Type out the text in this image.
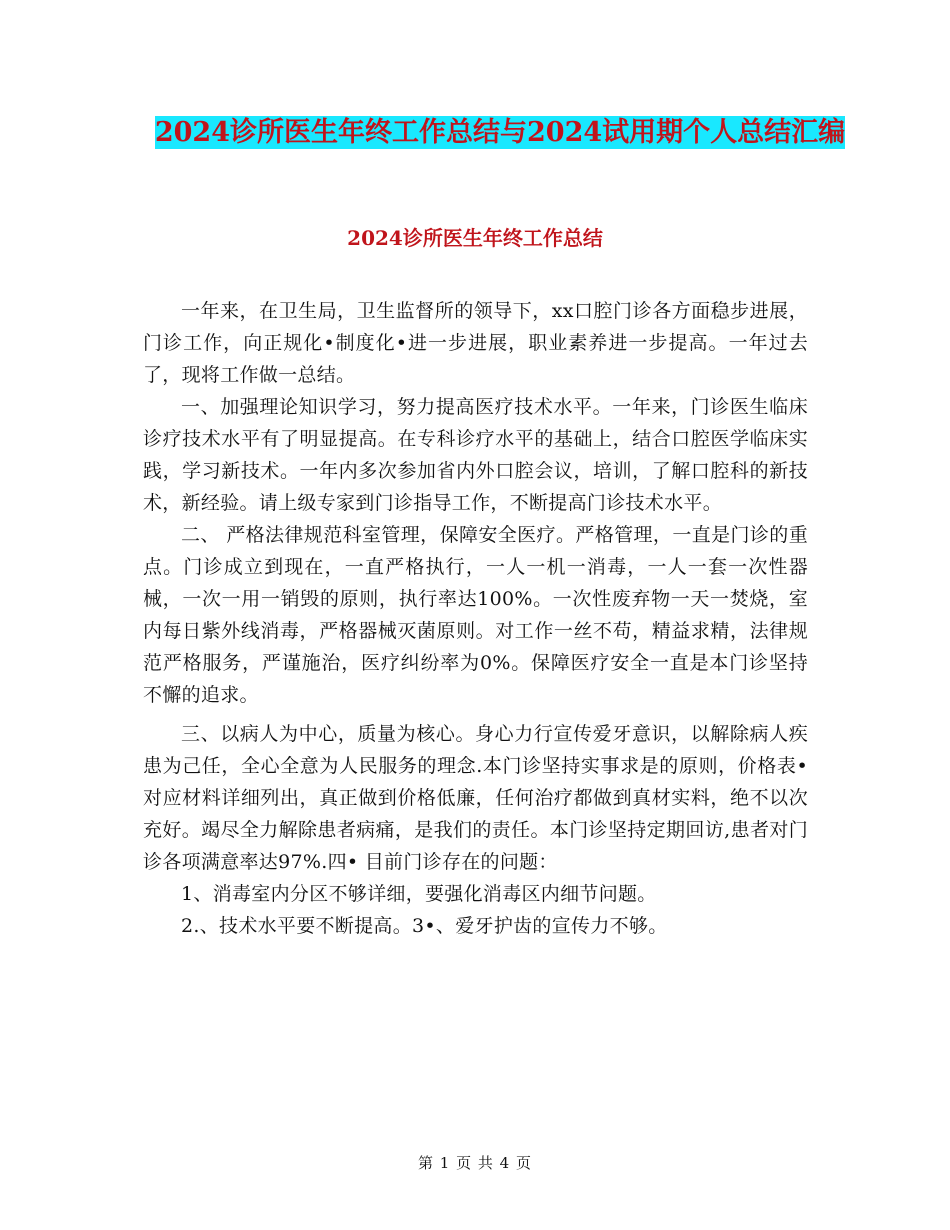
2024诊所医生年终工作总结与2024试用期个人总结汇编
2024诊所医生年终工作总结

一年来，在卫生局，卫生监督所的领导下，xx口腔门诊各方面稳步进展，门诊工作，向正规化•制度化•进一步进展，职业素养进一步提高。一年过去了，现将工作做一总结。

一、加强理论知识学习，努力提高医疗技术水平。一年来，门诊医生临床诊疗技术水平有了明显提高。在专科诊疗水平的基础上，结合口腔医学临床实践，学习新技术。一年内多次参加省内外口腔会议，培训，了解口腔科的新技术，新经验。请上级专家到门诊指导工作，不断提高门诊技术水平。

二、 严格法律规范科室管理，保障安全医疗。严格管理，一直是门诊的重点。门诊成立到现在，一直严格执行，一人一机一消毒，一人一套一次性器械，一次一用一销毁的原则，执行率达100%。一次性废弃物一天一焚烧，室内每日紫外线消毒，严格器械灭菌原则。对工作一丝不苟，精益求精，法律规范严格服务，严谨施治，医疗纠纷率为0%。保障医疗安全一直是本门诊坚持不懈的追求。

三、以病人为中心，质量为核心。身心力行宣传爱牙意识，以解除病人疾患为己任，全心全意为人民服务的理念.本门诊坚持实事求是的原则，价格表•对应材料详细列出，真正做到价格低廉，任何治疗都做到真材实料，绝不以次充好。竭尽全力解除患者病痛，是我们的责任。本门诊坚持定期回访,患者对门诊各项满意率达97%.四• 目前门诊存在的问题：

1、消毒室内分区不够详细，要强化消毒区内细节问题。

2.、技术水平要不断提高。3•、爱牙护齿的宣传力不够。

第 1 页 共 4 页
